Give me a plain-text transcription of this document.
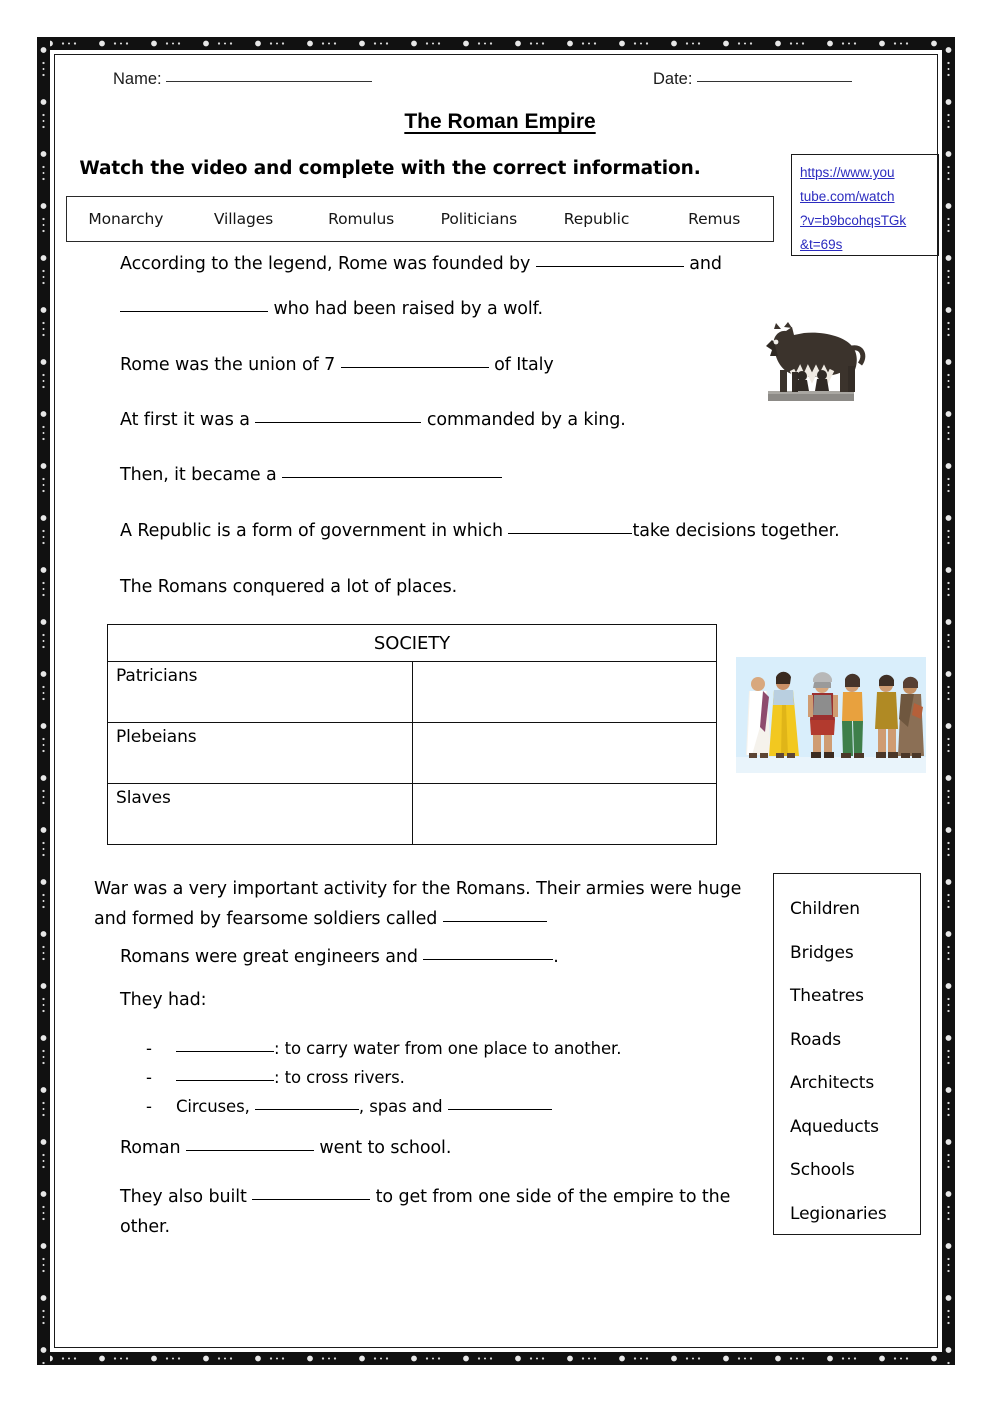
Name:	Date:
The Roman Empire
Watch the video and complete with the correct information.	https://www.you
tube.com/watch
?v=b9bcohqsTGk
&t=69s
Monarchy	Villages	Romulus	Politicians	Republic	Remus
According to the legend, Rome was founded by	and
who had been raised by a wolf.
Rome was the union of 7	of Italy
At first it was a	commanded by a king.
Then, it became a
A Republic is a form of government in which	take decisions together.
The Romans conquered a lot of places.
SOCIETY	
Patricians	
Plebeians	
Slaves	
War was a very important activity for the Romans. Their armies were huge and formed by fearsome soldiers called
Romans were great engineers and	.
They had:
-	: to carry water from one place to another.
-	: to cross rivers.
- Circuses,	, spas and
Roman	went to school.
They also built	to get from one side of the empire to the other.
Children
Bridges
Theatres
Roads
Architects
Aqueducts
Schools
Legionaries
